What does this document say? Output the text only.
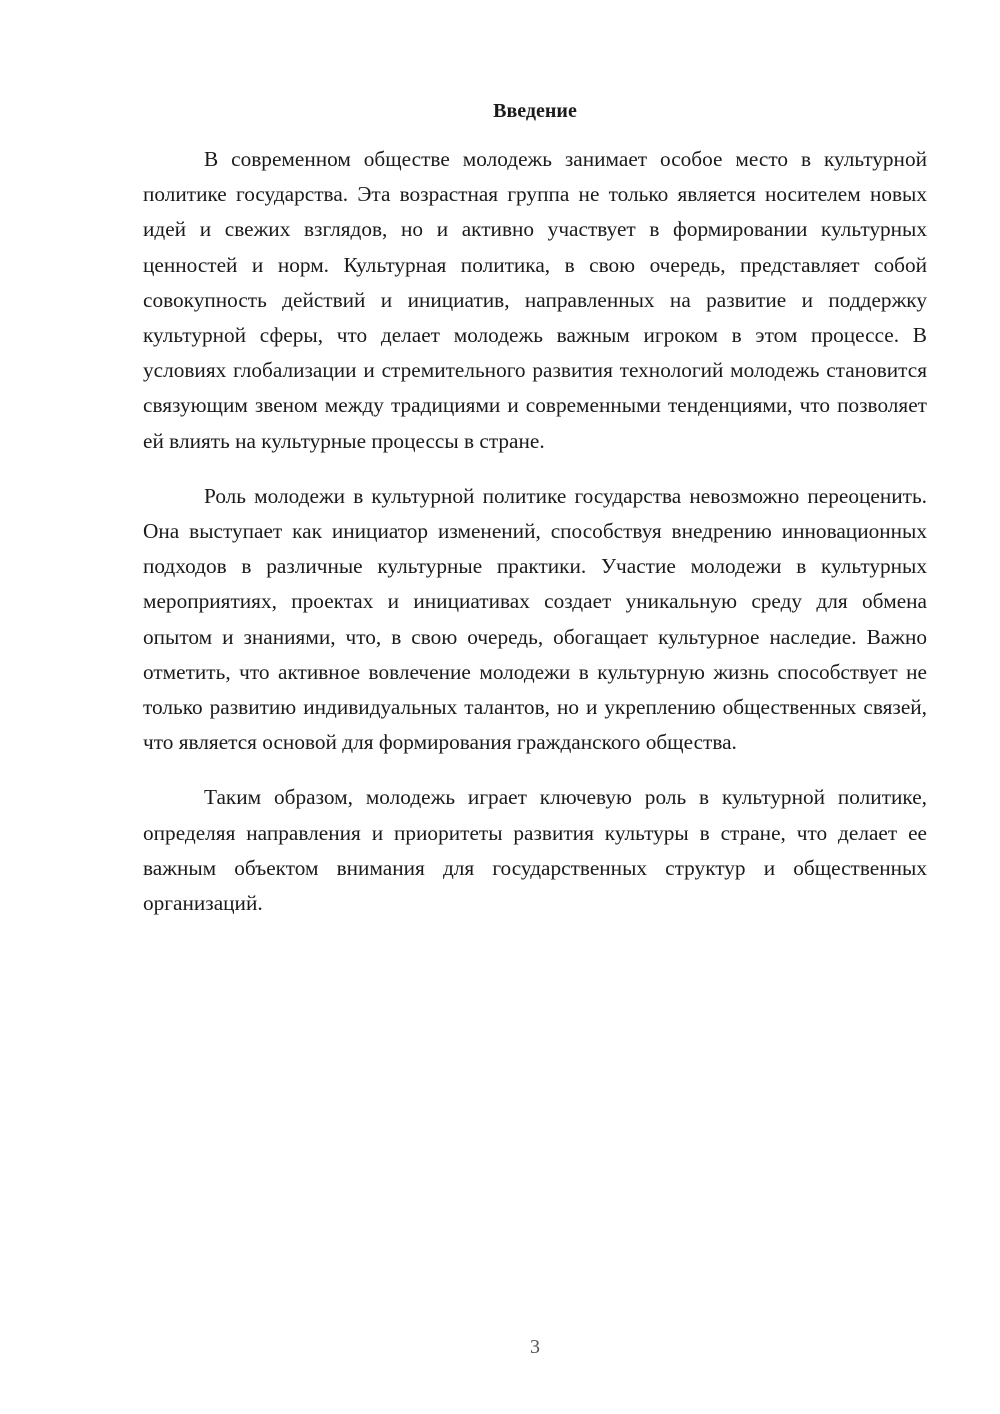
Введение

В современном обществе молодежь занимает особое место в культурной политике государства. Эта возрастная группа не только является носителем новых идей и свежих взглядов, но и активно участвует в формировании культурных ценностей и норм. Культурная политика, в свою очередь, представляет собой совокупность действий и инициатив, направленных на развитие и поддержку культурной сферы, что делает молодежь важным игроком в этом процессе. В условиях глобализации и стремительного развития технологий молодежь становится связующим звеном между традициями и современными тенденциями, что позволяет ей влиять на культурные процессы в стране.

Роль молодежи в культурной политике государства невозможно переоценить. Она выступает как инициатор изменений, способствуя внедрению инновационных подходов в различные культурные практики. Участие молодежи в культурных мероприятиях, проектах и инициативах создает уникальную среду для обмена опытом и знаниями, что, в свою очередь, обогащает культурное наследие. Важно отметить, что активное вовлечение молодежи в культурную жизнь способствует не только развитию индивидуальных талантов, но и укреплению общественных связей, что является основой для формирования гражданского общества.

Таким образом, молодежь играет ключевую роль в культурной политике, определяя направления и приоритеты развития культуры в стране, что делает ее важным объектом внимания для государственных структур и общественных организаций.

3
